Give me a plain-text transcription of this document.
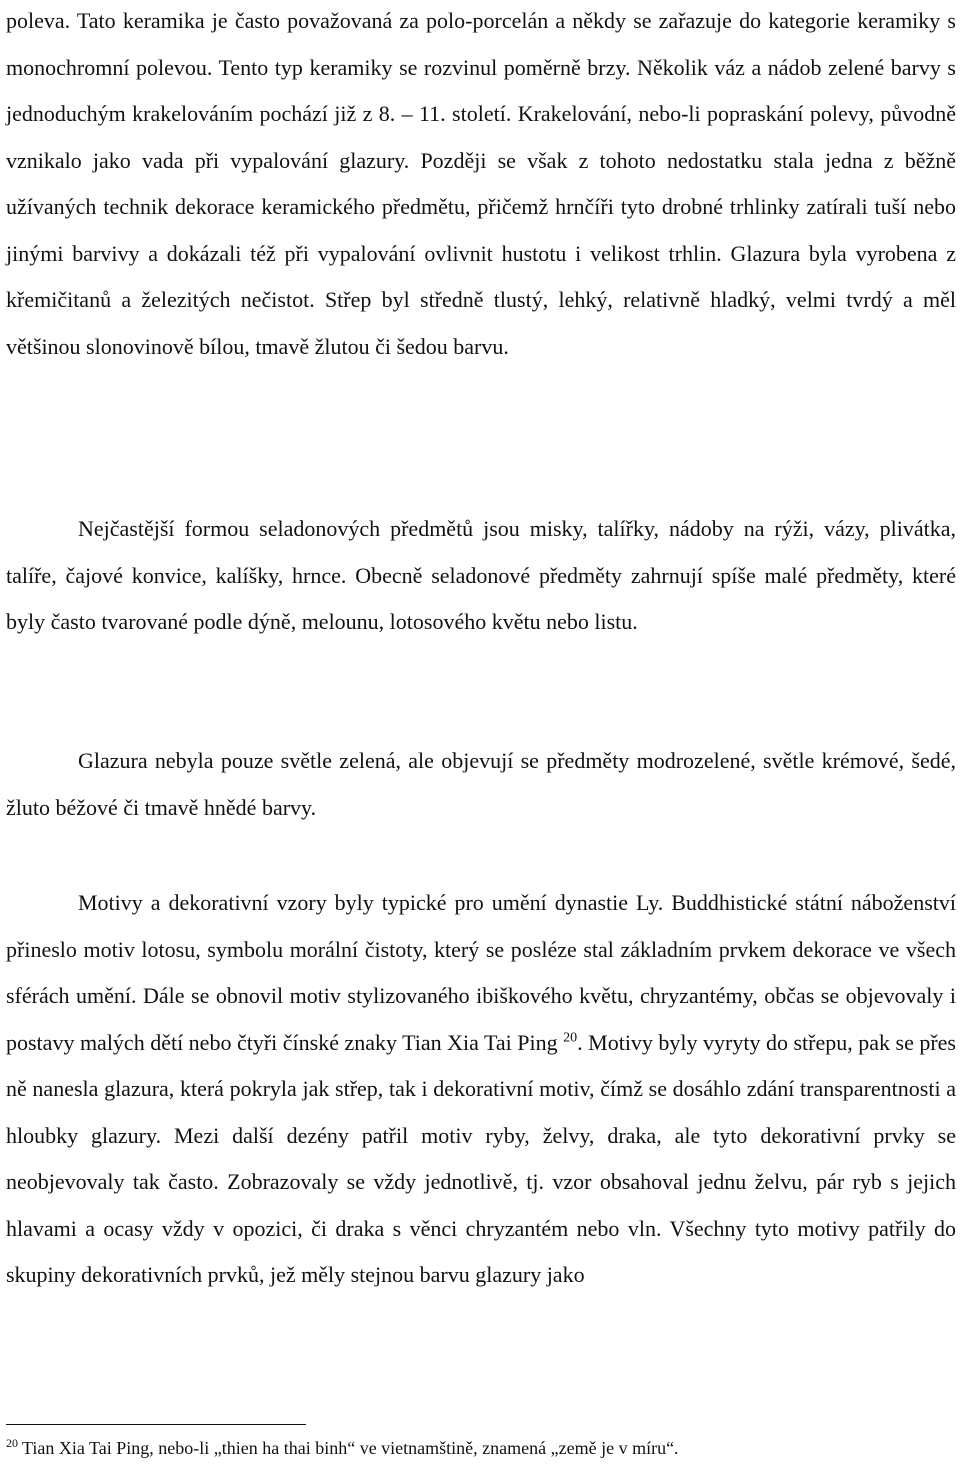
poleva. Tato keramika je často považovaná za polo-porcelán a někdy se zařazuje do kategorie keramiky s monochromní polevou. Tento typ keramiky se rozvinul poměrně brzy. Několik váz a nádob zelené barvy s jednoduchým krakelováním pochází již z 8. – 11. století. Krakelování, nebo-li popraskání polevy, původně vznikalo jako vada při vypalování glazury. Později se však z tohoto nedostatku stala jedna z běžně užívaných technik dekorace keramického předmětu, přičemž hrnčíři tyto drobné trhlinky zatírali tuší nebo jinými barvivy a dokázali též při vypalování ovlivnit hustotu i velikost trhlin. Glazura byla vyrobena z křemičitanů a železitých nečistot. Střep byl středně tlustý, lehký, relativně hladký, velmi tvrdý a měl většinou slonovinově bílou, tmavě žlutou či šedou barvu.

Nejčastější formou seladonových předmětů jsou misky, talířky, nádoby na rýži, vázy, plivátka, talíře, čajové konvice, kalíšky, hrnce. Obecně seladonové předměty zahrnují spíše malé předměty, které byly často tvarované podle dýně, melounu, lotosového květu nebo listu.

Glazura nebyla pouze světle zelená, ale objevují se předměty modrozelené, světle krémové, šedé, žluto béžové či tmavě hnědé barvy.

Motivy a dekorativní vzory byly typické pro umění dynastie Ly. Buddhistické státní náboženství přineslo motiv lotosu, symbolu morální čistoty, který se posléze stal základním prvkem dekorace ve všech sférách umění. Dále se obnovil motiv stylizovaného ibiškového květu, chryzantémy, občas se objevovaly i postavy malých dětí nebo čtyři čínské znaky Tian Xia Tai Ping $^{20}$. Motivy byly vyryty do střepu, pak se přes ně nanesla glazura, která pokryla jak střep, tak i dekorativní motiv, čímž se dosáhlo zdání transparentnosti a hloubky glazury. Mezi další dezény patřil motiv ryby, želvy, draka, ale tyto dekorativní prvky se neobjevovaly tak často. Zobrazovaly se vždy jednotlivě, tj. vzor obsahoval jednu želvu, pár ryb s jejich hlavami a ocasy vždy v opozici, či draka s věnci chryzantém nebo vln. Všechny tyto motivy patřily do skupiny dekorativních prvků, jež měly stejnou barvu glazury jako

$^{20}$ Tian Xia Tai Ping, nebo-li „thien ha thai binh“ ve vietnamštině, znamená „země je v míru“.
